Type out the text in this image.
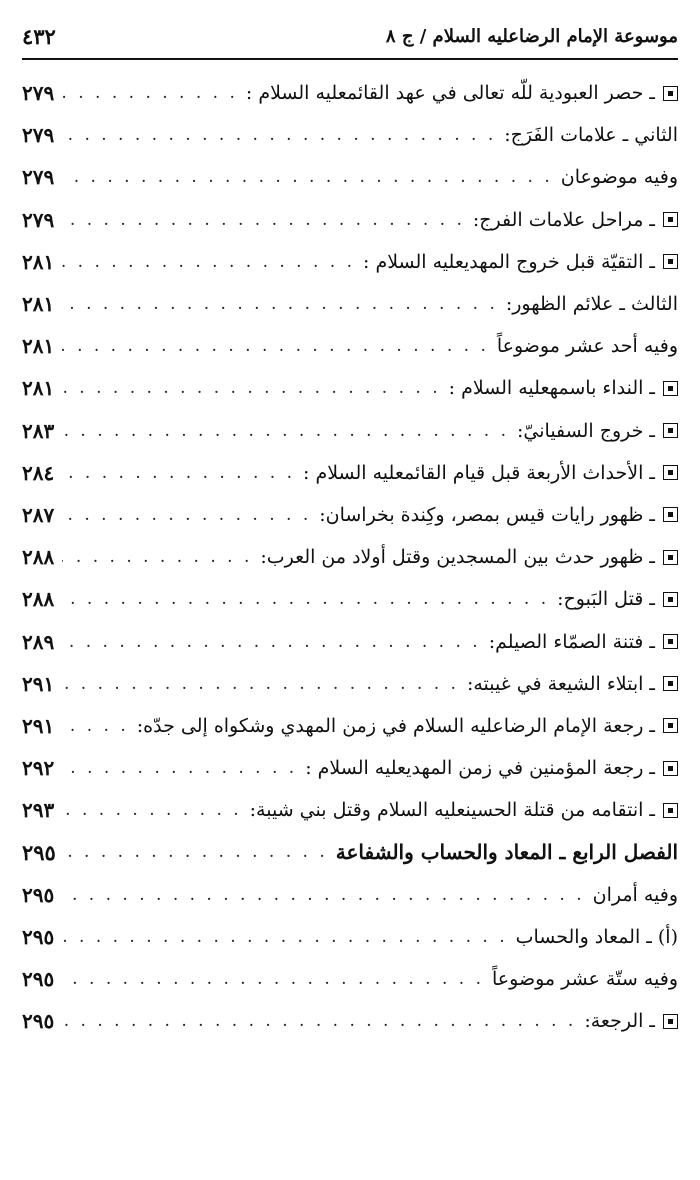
موسوعة الإمام الرضاعليه السلام / ج ٨
٤٣٢
ـ حصر العبودية للّه تعالى في عهد القائمعليه السلام :
. . .
٢٧٩
الثاني ـ علامات الفَرَج:
. . .
٢٧٩
وفيه موضوعان
. . .
٢٧٩
ـ مراحل علامات الفرج:
. . .
٢٧٩
ـ التقيّة قبل خروج المهديعليه السلام :
. . .
٢٨١
الثالث ـ علائم الظهور:
. . .
٢٨١
وفيه أحد عشر موضوعاً
. . .
٢٨١
ـ النداء باسمهعليه السلام :
. . .
٢٨١
ـ خروج السفيانيّ:
. . .
٢٨٣
ـ الأحداث الأربعة قبل قيام القائمعليه السلام :
. . .
٢٨٤
ـ ظهور رايات قيس بمصر، وكِندة بخراسان:
. . .
٢٨٧
ـ ظهور حدث بين المسجدين وقتل أولاد من العرب:
. . .
٢٨٨
ـ قتل البَبوح:
. . .
٢٨٨
ـ فتنة الصمّاء الصيلم:
. . .
٢٨٩
ـ ابتلاء الشيعة في غيبته:
. . .
٢٩١
ـ رجعة الإمام الرضاعليه السلام في زمن المهدي وشكواه إلى جدّه:
. . .
٢٩١
ـ رجعة المؤمنين في زمن المهديعليه السلام :
. . .
٢٩٢
ـ انتقامه من قتلة الحسينعليه السلام وقتل بني شيبة:
. . .
٢٩٣
الفصل الرابع ـ المعاد والحساب والشفاعة
. . .
٢٩٥
وفيه أمران
. . .
٢٩٥
(أ) ـ المعاد والحساب
. . .
٢٩٥
وفيه ستّة عشر موضوعاً
. . .
٢٩٥
ـ الرجعة:
. . .
٢٩٥
